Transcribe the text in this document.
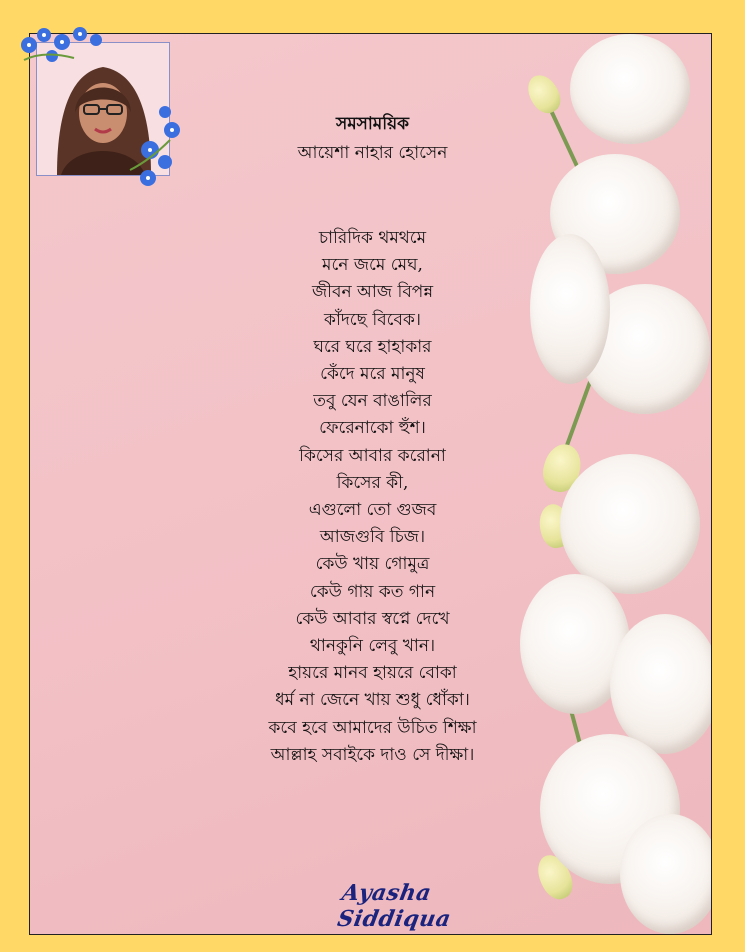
সমসাময়িক
আয়েশা নাহার হোসেন
চারিদিক থমথমে
মনে জমে মেঘ,
জীবন আজ বিপন্ন
কাঁদছে বিবেক।
ঘরে ঘরে হাহাকার
কেঁদে মরে মানুষ
তবু যেন বাঙালির
ফেরেনাকো হুঁশ।
কিসের আবার করোনা
কিসের কী,
এগুলো তো গুজব
আজগুবি চিজ।
কেউ খায় গোমুত্র
কেউ গায় কত গান
কেউ আবার স্বপ্নে দেখে
থানকুনি লেবু খান।
হায়রে মানব হায়রে বোকা
ধর্ম না জেনে খায় শুধু ধোঁকা।
কবে হবে আমাদের উচিত শিক্ষা
আল্লাহ সবাইকে দাও সে দীক্ষা।
Ayasha Siddiqua
